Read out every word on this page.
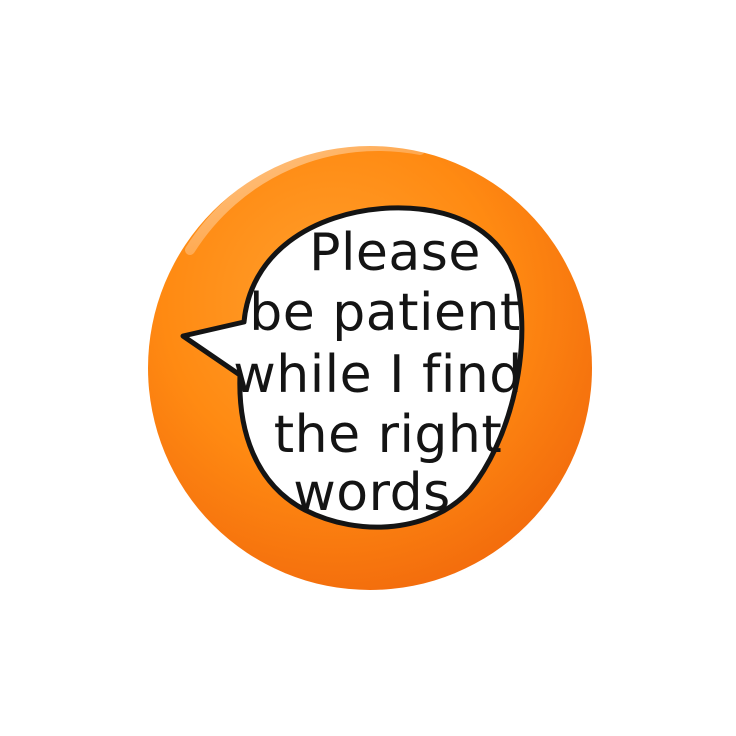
Please
be patient
while I find
the right
words
